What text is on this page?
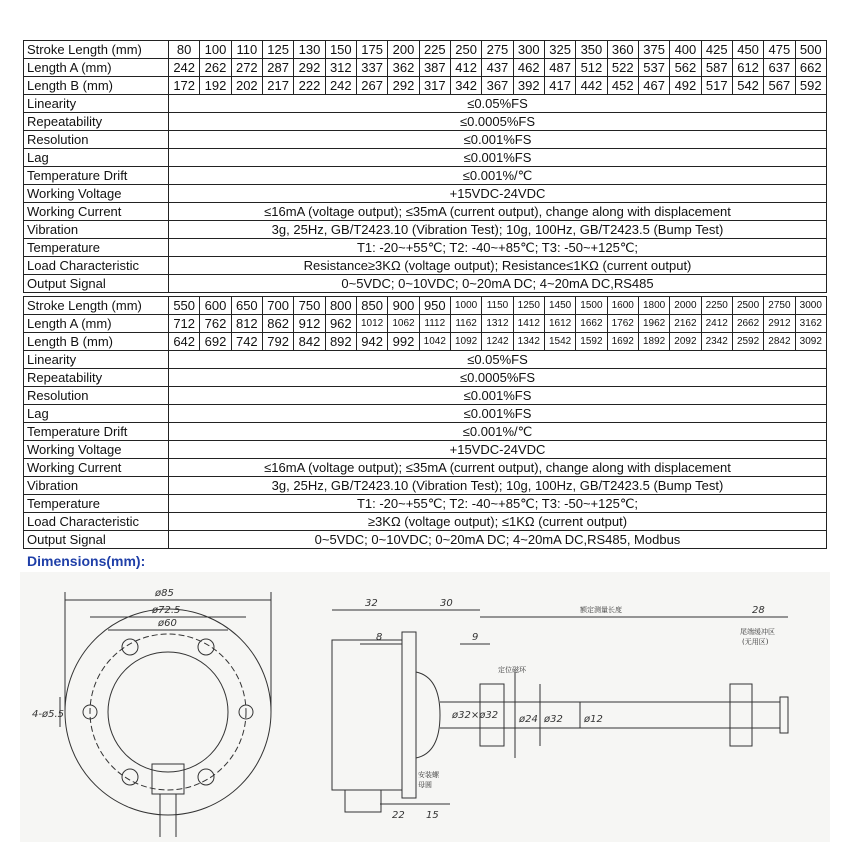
Stroke Length (mm)	80	100	110	125	130	150	175	200	225	250	275	300	325	350	360	375	400	425	450	475	500
Length A (mm)	242	262	272	287	292	312	337	362	387	412	437	462	487	512	522	537	562	587	612	637	662
Length B (mm)	172	192	202	217	222	242	267	292	317	342	367	392	417	442	452	467	492	517	542	567	592
Linearity	≤0.05%FS																				
Repeatability	≤0.0005%FS																				
Resolution	≤0.001%FS																				
Lag	≤0.001%FS																				
Temperature Drift	≤0.001%/℃																				
Working Voltage	+15VDC-24VDC																				
Working Current	≤16mA (voltage output); ≤35mA (current output), change along with displacement																				
Vibration	3g, 25Hz, GB/T2423.10 (Vibration Test); 10g, 100Hz, GB/T2423.5 (Bump Test)																				
Temperature	T1: -20~+55℃; T2: -40~+85℃; T3: -50~+125℃;																				
Load Characteristic	Resistance≥3KΩ (voltage output); Resistance≤1KΩ (current output)																				
Output Signal	0~5VDC; 0~10VDC; 0~20mA DC; 4~20mA DC,RS485																				
Stroke Length (mm)	550	600	650	700	750	800	850	900	950	1000	1150	1250	1450	1500	1600	1800	2000	2250	2500	2750	3000
Length A (mm)	712	762	812	862	912	962	1012	1062	1112	1162	1312	1412	1612	1662	1762	1962	2162	2412	2662	2912	3162
Length B (mm)	642	692	742	792	842	892	942	992	1042	1092	1242	1342	1542	1592	1692	1892	2092	2342	2592	2842	3092
Linearity	≤0.05%FS																				
Repeatability	≤0.0005%FS																				
Resolution	≤0.001%FS																				
Lag	≤0.001%FS																				
Temperature Drift	≤0.001%/℃																				
Working Voltage	+15VDC-24VDC																				
Working Current	≤16mA (voltage output); ≤35mA (current output), change along with displacement																				
Vibration	3g, 25Hz, GB/T2423.10 (Vibration Test); 10g, 100Hz, GB/T2423.5 (Bump Test)																				
Temperature	T1: -20~+55℃; T2: -40~+85℃; T3: -50~+125℃;																				
Load Characteristic	≥3KΩ (voltage output); ≤1KΩ (current output)																				
Output Signal	0~5VDC; 0~10VDC; 0~20mA DC; 4~20mA DC,RS485, Modbus																				
Dimensions(mm):
ø85
ø72.5
ø60
4-ø5.5
32	30
8	9
28
22 15
ø24 ø32 ø12
ø32×ø32
额定测量长度
定位磁环
尾端缓冲区
(无用区)
安装螺
母圆
